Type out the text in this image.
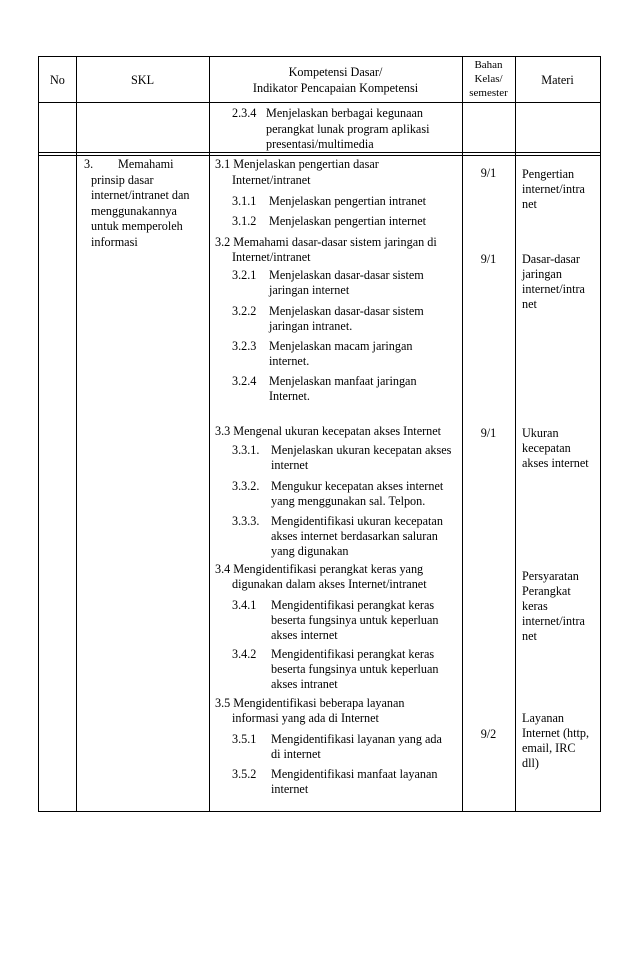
No	SKL
Kompetensi Dasar/
Indikator Pencapaian Kompetensi
Bahan
Kelas/
semester
Materi
2.3.4 Menjelaskan berbagai kegunaan
perangkat lunak program aplikasi
presentasi/multimedia
3. Memahami
prinsip dasar
internet/intranet dan
menggunakannya
untuk memperoleh
informasi
3.1 Menjelaskan pengertian dasar
Internet/intranet
3.1.1 Menjelaskan pengertian intranet
3.1.2 Menjelaskan pengertian internet
3.2 Memahami dasar-dasar sistem jaringan di
Internet/intranet
3.2.1 Menjelaskan dasar-dasar sistem
jaringan internet
3.2.2 Menjelaskan dasar-dasar sistem
jaringan intranet.
3.2.3 Menjelaskan macam jaringan
internet.
3.2.4 Menjelaskan manfaat jaringan
Internet.
3.3 Mengenal ukuran kecepatan akses Internet
3.3.1. Menjelaskan ukuran kecepatan akses
internet
3.3.2. Mengukur kecepatan akses internet
yang menggunakan sal. Telpon.
3.3.3. Mengidentifikasi ukuran kecepatan
akses internet berdasarkan saluran
yang digunakan
3.4 Mengidentifikasi perangkat keras yang
digunakan dalam akses Internet/intranet
3.4.1 Mengidentifikasi perangkat keras
beserta fungsinya untuk keperluan
akses internet
3.4.2 Mengidentifikasi perangkat keras
beserta fungsinya untuk keperluan
akses intranet
3.5 Mengidentifikasi beberapa layanan
informasi yang ada di Internet
3.5.1 Mengidentifikasi layanan yang ada
di internet
3.5.2 Mengidentifikasi manfaat layanan
internet
9/1
9/1
9/1
9/2
Pengertian
internet/intra
net
Dasar-dasar
jaringan
internet/intra
net
Ukuran
kecepatan
akses internet
Persyaratan
Perangkat
keras
internet/intra
net
Layanan
Internet (http,
email, IRC
dll)
